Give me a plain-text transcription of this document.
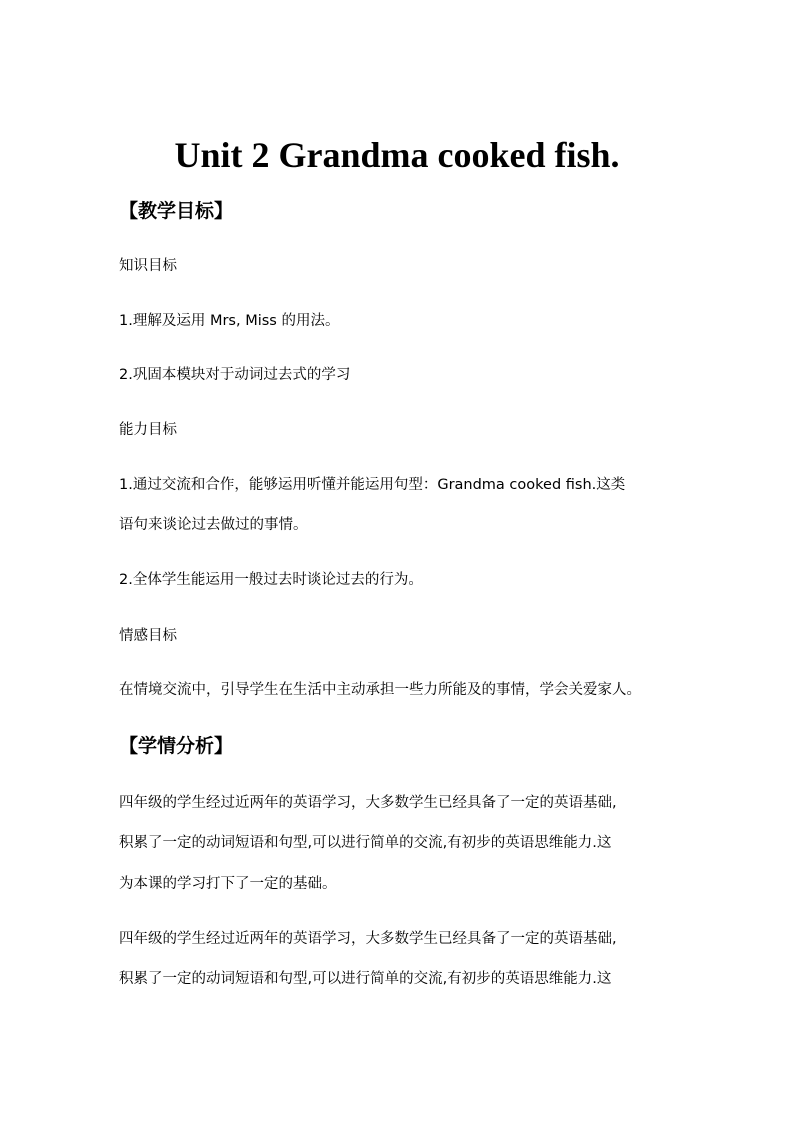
Unit 2 Grandma cooked fish.
【教学目标】
知识目标
1.理解及运用 Mrs, Miss 的用法。
2.巩固本模块对于动词过去式的学习
能力目标
1.通过交流和合作，能够运用听懂并能运用句型：Grandma cooked fish.这类
语句来谈论过去做过的事情。
2.全体学生能运用一般过去时谈论过去的行为。
情感目标
在情境交流中，引导学生在生活中主动承担一些力所能及的事情，学会关爱家人。
【学情分析】
四年级的学生经过近两年的英语学习，大多数学生已经具备了一定的英语基础,
积累了一定的动词短语和句型,可以进行简单的交流,有初步的英语思维能力.这
为本课的学习打下了一定的基础。
四年级的学生经过近两年的英语学习，大多数学生已经具备了一定的英语基础,
积累了一定的动词短语和句型,可以进行简单的交流,有初步的英语思维能力.这
